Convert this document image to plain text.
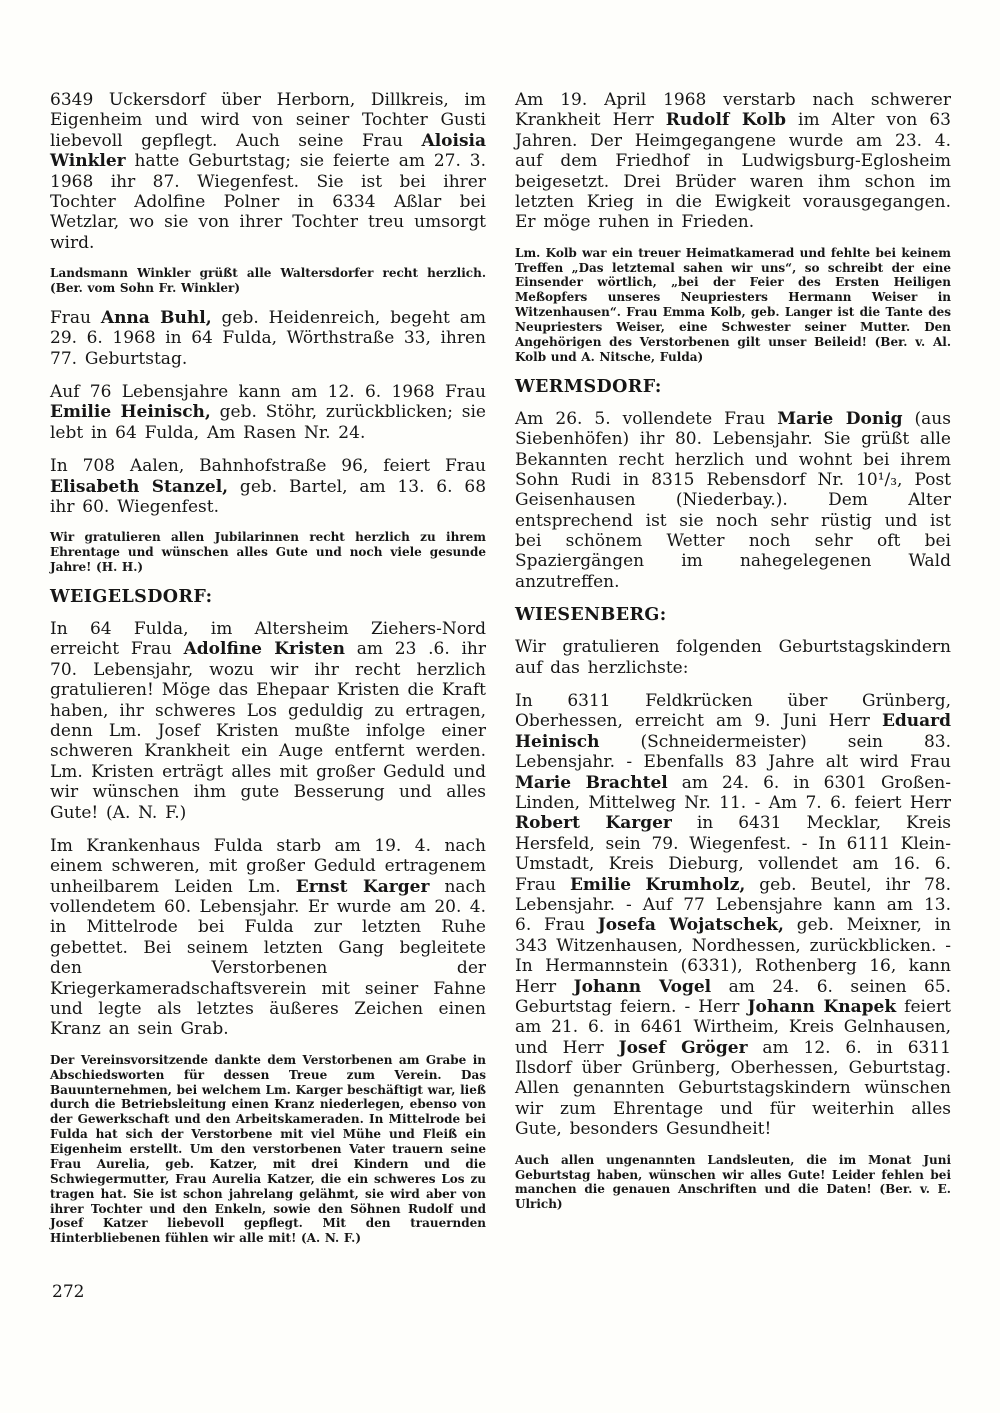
6349 Uckersdorf über Herborn, Dillkreis, im Eigenheim und wird von seiner Tochter Gusti liebevoll gepflegt. Auch seine Frau Aloisia Winkler hatte Geburtstag; sie feierte am 27. 3. 1968 ihr 87. Wiegenfest. Sie ist bei ihrer Tochter Adolfine Polner in 6334 Aßlar bei Wetzlar, wo sie von ihrer Tochter treu umsorgt wird.

Landsmann Winkler grüßt alle Waltersdorfer recht herzlich. (Ber. vom Sohn Fr. Winkler)

Frau Anna Buhl, geb. Heidenreich, begeht am 29. 6. 1968 in 64 Fulda, Wörthstraße 33, ihren 77. Geburtstag.

Auf 76 Lebensjahre kann am 12. 6. 1968 Frau Emilie Heinisch, geb. Stöhr, zurückblicken; sie lebt in 64 Fulda, Am Rasen Nr. 24.

In 708 Aalen, Bahnhofstraße 96, feiert Frau Elisabeth Stanzel, geb. Bartel, am 13. 6. 68 ihr 60. Wiegenfest.

Wir gratulieren allen Jubilarinnen recht herzlich zu ihrem Ehrentage und wünschen alles Gute und noch viele gesunde Jahre! (H. H.)

WEIGELSDORF:

In 64 Fulda, im Altersheim Ziehers-Nord erreicht Frau Adolfine Kristen am 23 .6. ihr 70. Lebensjahr, wozu wir ihr recht herzlich gratulieren! Möge das Ehepaar Kristen die Kraft haben, ihr schweres Los geduldig zu ertragen, denn Lm. Josef Kristen mußte infolge einer schweren Krankheit ein Auge entfernt werden. Lm. Kristen erträgt alles mit großer Geduld und wir wünschen ihm gute Besserung und alles Gute! (A. N. F.)

Im Krankenhaus Fulda starb am 19. 4. nach einem schweren, mit großer Geduld ertragenem unheilbarem Leiden Lm. Ernst Karger nach vollendetem 60. Lebensjahr. Er wurde am 20. 4. in Mittelrode bei Fulda zur letzten Ruhe gebettet. Bei seinem letzten Gang begleitete den Verstorbenen der Kriegerkameradschaftsverein mit seiner Fahne und legte als letztes äußeres Zeichen einen Kranz an sein Grab.

Der Vereinsvorsitzende dankte dem Verstorbenen am Grabe in Abschiedsworten für dessen Treue zum Verein. Das Bauunternehmen, bei welchem Lm. Karger beschäftigt war, ließ durch die Betriebsleitung einen Kranz niederlegen, ebenso von der Gewerkschaft und den Arbeitskameraden. In Mittelrode bei Fulda hat sich der Verstorbene mit viel Mühe und Fleiß ein Eigenheim erstellt. Um den verstorbenen Vater trauern seine Frau Aurelia, geb. Katzer, mit drei Kindern und die Schwiegermutter, Frau Aurelia Katzer, die ein schweres Los zu tragen hat. Sie ist schon jahrelang gelähmt, sie wird aber von ihrer Tochter und den Enkeln, sowie den Söhnen Rudolf und Josef Katzer liebevoll gepflegt. Mit den trauernden Hinterbliebenen fühlen wir alle mit! (A. N. F.)

Am 19. April 1968 verstarb nach schwerer Krankheit Herr Rudolf Kolb im Alter von 63 Jahren. Der Heimgegangene wurde am 23. 4. auf dem Friedhof in Ludwigsburg-Eglosheim beigesetzt. Drei Brüder waren ihm schon im letzten Krieg in die Ewigkeit vorausgegangen. Er möge ruhen in Frieden.

Lm. Kolb war ein treuer Heimatkamerad und fehlte bei keinem Treffen „Das letztemal sahen wir uns“, so schreibt der eine Einsender wörtlich, „bei der Feier des Ersten Heiligen Meßopfers unseres Neupriesters Hermann Weiser in Witzenhausen“. Frau Emma Kolb, geb. Langer ist die Tante des Neupriesters Weiser, eine Schwester seiner Mutter. Den Angehörigen des Verstorbenen gilt unser Beileid! (Ber. v. Al. Kolb und A. Nitsche, Fulda)

WERMSDORF:

Am 26. 5. vollendete Frau Marie Donig (aus Siebenhöfen) ihr 80. Lebensjahr. Sie grüßt alle Bekannten recht herzlich und wohnt bei ihrem Sohn Rudi in 8315 Rebensdorf Nr. 10¹/₃, Post Geisenhausen (Niederbay.). Dem Alter entsprechend ist sie noch sehr rüstig und ist bei schönem Wetter noch sehr oft bei Spaziergängen im nahegelegenen Wald anzutreffen.

WIESENBERG:

Wir gratulieren folgenden Geburtstagskindern auf das herzlichste:

In 6311 Feldkrücken über Grünberg, Oberhessen, erreicht am 9. Juni Herr Eduard Heinisch (Schneidermeister) sein 83. Lebensjahr. - Ebenfalls 83 Jahre alt wird Frau Marie Brachtel am 24. 6. in 6301 Großen-Linden, Mittelweg Nr. 11. - Am 7. 6. feiert Herr Robert Karger in 6431 Mecklar, Kreis Hersfeld, sein 79. Wiegenfest. - In 6111 Klein-Umstadt, Kreis Dieburg, vollendet am 16. 6. Frau Emilie Krumholz, geb. Beutel, ihr 78. Lebensjahr. - Auf 77 Lebensjahre kann am 13. 6. Frau Josefa Wojatschek, geb. Meixner, in 343 Witzenhausen, Nordhessen, zurückblicken. - In Hermannstein (6331), Rothenberg 16, kann Herr Johann Vogel am 24. 6. seinen 65. Geburtstag feiern. - Herr Johann Knapek feiert am 21. 6. in 6461 Wirtheim, Kreis Gelnhausen, und Herr Josef Gröger am 12. 6. in 6311 Ilsdorf über Grünberg, Oberhessen, Geburtstag. Allen genannten Geburtstagskindern wünschen wir zum Ehrentage und für weiterhin alles Gute, besonders Gesundheit!

Auch allen ungenannten Landsleuten, die im Monat Juni Geburtstag haben, wünschen wir alles Gute! Leider fehlen bei manchen die genauen Anschriften und die Daten! (Ber. v. E. Ulrich)

272
